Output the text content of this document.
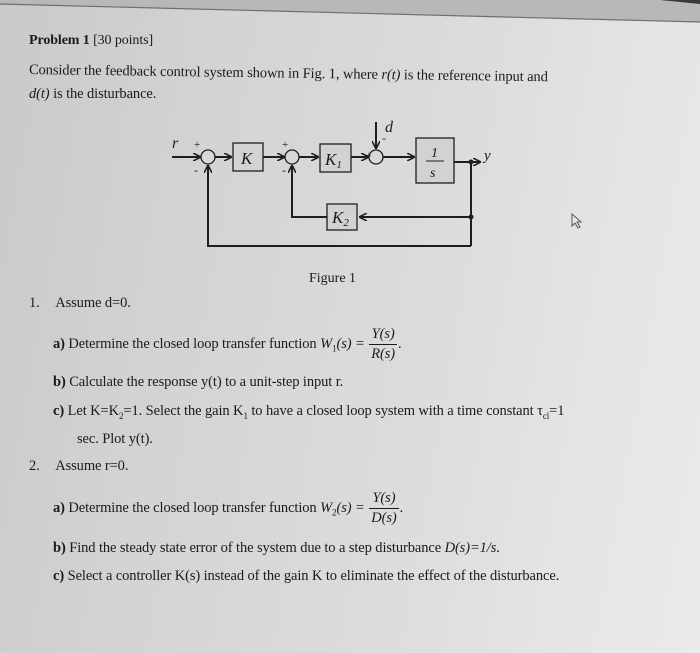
Problem 1 [30 points]
Consider the feedback control system shown in Fig. 1, where r(t) is the reference input and
d(t) is the disturbance.
r +
-
K
+
-
K1
+
-
d
1
s
y
K2
Figure 1
1. Assume d=0.
a) Determine the closed loop transfer function $W_1(s) = \frac{Y(s)}{R(s)}$ .
b) Calculate the response y(t) to a unit-step input r.
c) Let $K=K_2=1$. Select the gain $K_1$ to have a closed loop system with a time constant $\tau_{cl}=1$
sec. Plot y(t).
2. Assume r=0.
a) Determine the closed loop transfer function $W_2(s) = \frac{Y(s)}{D(s)}$ .
b) Find the steady state error of the system due to a step disturbance D(s)=1/s.
c) Select a controller K(s) instead of the gain K to eliminate the effect of the disturbance.
